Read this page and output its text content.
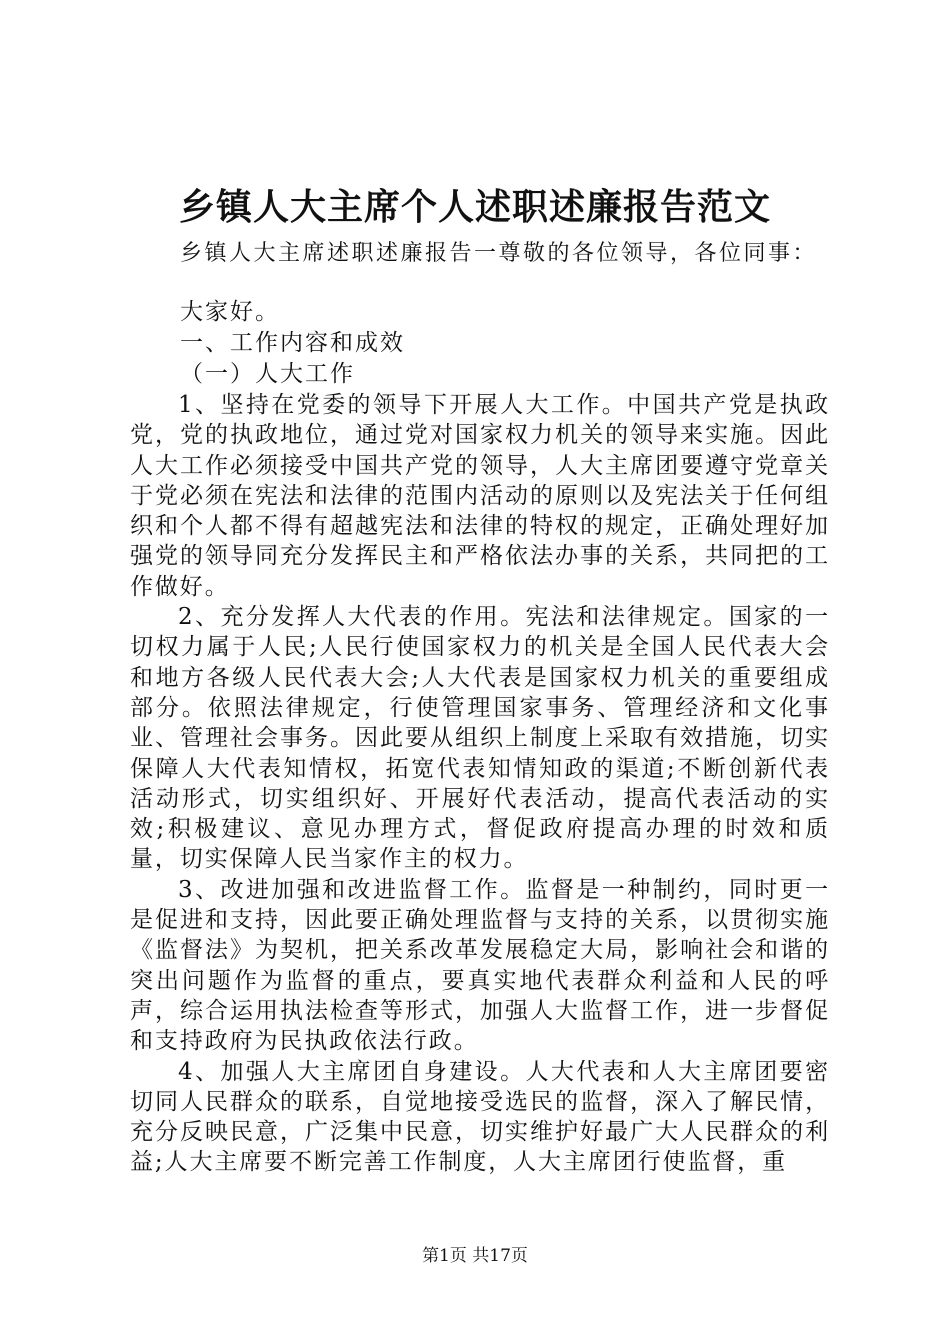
乡镇人大主席个人述职述廉报告范文
乡镇人大主席述职述廉报告一尊敬的各位领导，各位同事：
大家好。
一、工作内容和成效
（一）人大工作

1、坚持在党委的领导下开展人大工作。中国共产党是执政党，党的执政地位，通过党对国家权力机关的领导来实施。因此人大工作必须接受中国共产党的领导，人大主席团要遵守党章关于党必须在宪法和法律的范围内活动的原则以及宪法关于任何组织和个人都不得有超越宪法和法律的特权的规定，正确处理好加强党的领导同充分发挥民主和严格依法办事的关系，共同把的工作做好。

2、充分发挥人大代表的作用。宪法和法律规定。国家的一切权力属于人民;人民行使国家权力的机关是全国人民代表大会和地方各级人民代表大会;人大代表是国家权力机关的重要组成部分。依照法律规定，行使管理国家事务、管理经济和文化事业、管理社会事务。因此要从组织上制度上采取有效措施，切实保障人大代表知情权，拓宽代表知情知政的渠道;不断创新代表活动形式，切实组织好、开展好代表活动，提高代表活动的实效;积极建议、意见办理方式，督促政府提高办理的时效和质量，切实保障人民当家作主的权力。

3、改进加强和改进监督工作。监督是一种制约，同时更一是促进和支持，因此要正确处理监督与支持的关系，以贯彻实施《监督法》为契机，把关系改革发展稳定大局，影响社会和谐的突出问题作为监督的重点，要真实地代表群众利益和人民的呼声，综合运用执法检查等形式，加强人大监督工作，进一步督促和支持政府为民执政依法行政。

4、加强人大主席团自身建设。人大代表和人大主席团要密切同人民群众的联系，自觉地接受选民的监督，深入了解民情，充分反映民意，广泛集中民意，切实维护好最广大人民群众的利益;人大主席要不断完善工作制度，人大主席团行使监督，重

第1页 共17页
